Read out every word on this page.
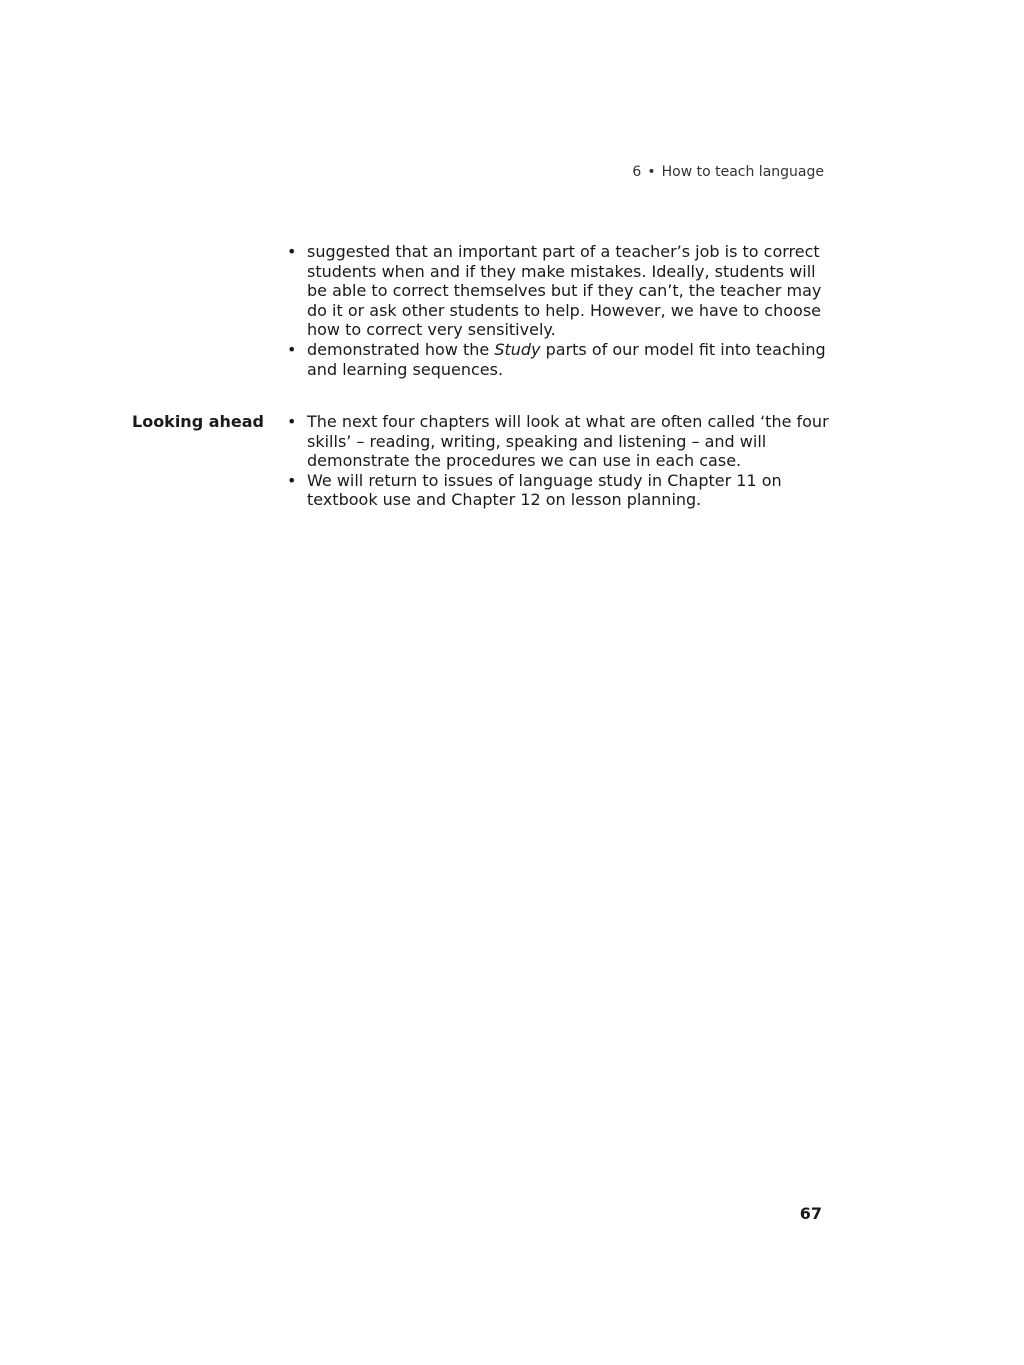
6 • How to teach language
• suggested that an important part of a teacher’s job is to correct students when and if they make mistakes. Ideally, students will be able to correct themselves but if they can’t, the teacher may do it or ask other students to help. However, we have to choose how to correct very sensitively.
• demonstrated how the Study parts of our model fit into teaching and learning sequences.
Looking ahead • The next four chapters will look at what are often called ‘the four skills’ – reading, writing, speaking and listening – and will demonstrate the procedures we can use in each case.
• We will return to issues of language study in Chapter 11 on textbook use and Chapter 12 on lesson planning.
67
